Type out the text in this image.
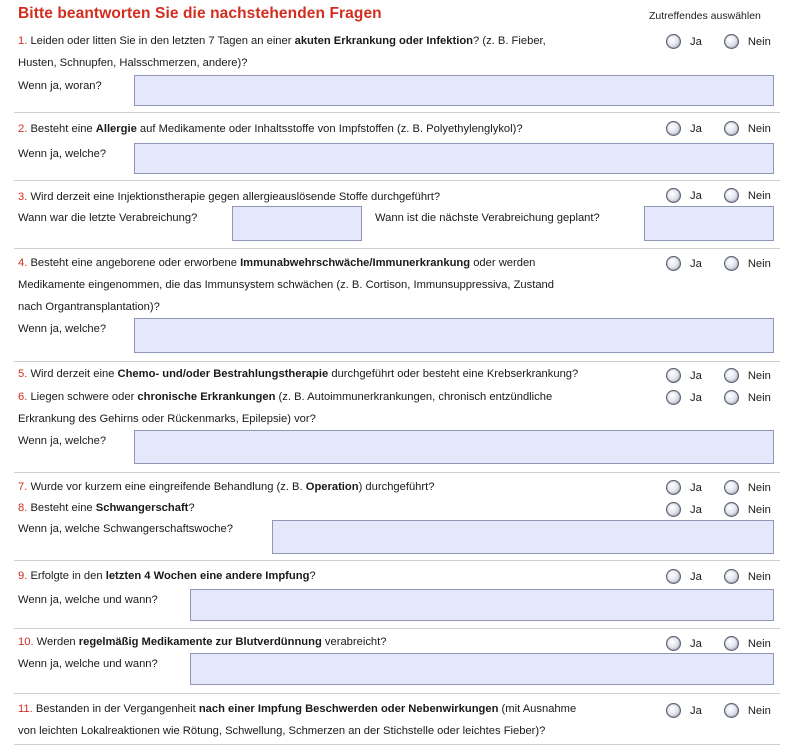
Bitte beantworten Sie die nachstehenden Fragen	Zutreffendes auswählen
1. Leiden oder litten Sie in den letzten 7 Tagen an einer akuten Erkrankung oder Infektion? (z. B. Fieber,
Husten, Schnupfen, Halsschmerzen, andere)?
Ja	Nein
Wenn ja, woran?
2. Besteht eine Allergie auf Medikamente oder Inhaltsstoffe von Impfstoffen (z. B. Polyethylenglykol)?	Ja	Nein
Wenn ja, welche?
3. Wird derzeit eine Injektionstherapie gegen allergieauslösende Stoffe durchgeführt?	Ja	Nein
Wann war die letzte Verabreichung?	Wann ist die nächste Verabreichung geplant?
4. Besteht eine angeborene oder erworbene Immunabwehrschwäche/Immunerkrankung oder werden
Medikamente eingenommen, die das Immunsystem schwächen (z. B. Cortison, Immunsuppressiva, Zustand
nach Organtransplantation)?
Ja	Nein
Wenn ja, welche?
5. Wird derzeit eine Chemo- und/oder Bestrahlungstherapie durchgeführt oder besteht eine Krebserkrankung?	Ja	Nein
6. Liegen schwere oder chronische Erkrankungen (z. B. Autoimmunerkrankungen, chronisch entzündliche
Erkrankung des Gehirns oder Rückenmarks, Epilepsie) vor?
Ja	Nein
Wenn ja, welche?
7. Wurde vor kurzem eine eingreifende Behandlung (z. B. Operation) durchgeführt?	Ja	Nein
8. Besteht eine Schwangerschaft?	Ja	Nein
Wenn ja, welche Schwangerschaftswoche?
9. Erfolgte in den letzten 4 Wochen eine andere Impfung?	Ja	Nein
Wenn ja, welche und wann?
10. Werden regelmäßig Medikamente zur Blutverdünnung verabreicht?	Ja	Nein
Wenn ja, welche und wann?
11. Bestanden in der Vergangenheit nach einer Impfung Beschwerden oder Nebenwirkungen (mit Ausnahme
von leichten Lokalreaktionen wie Rötung, Schwellung, Schmerzen an der Stichstelle oder leichtes Fieber)?
Ja	Nein
